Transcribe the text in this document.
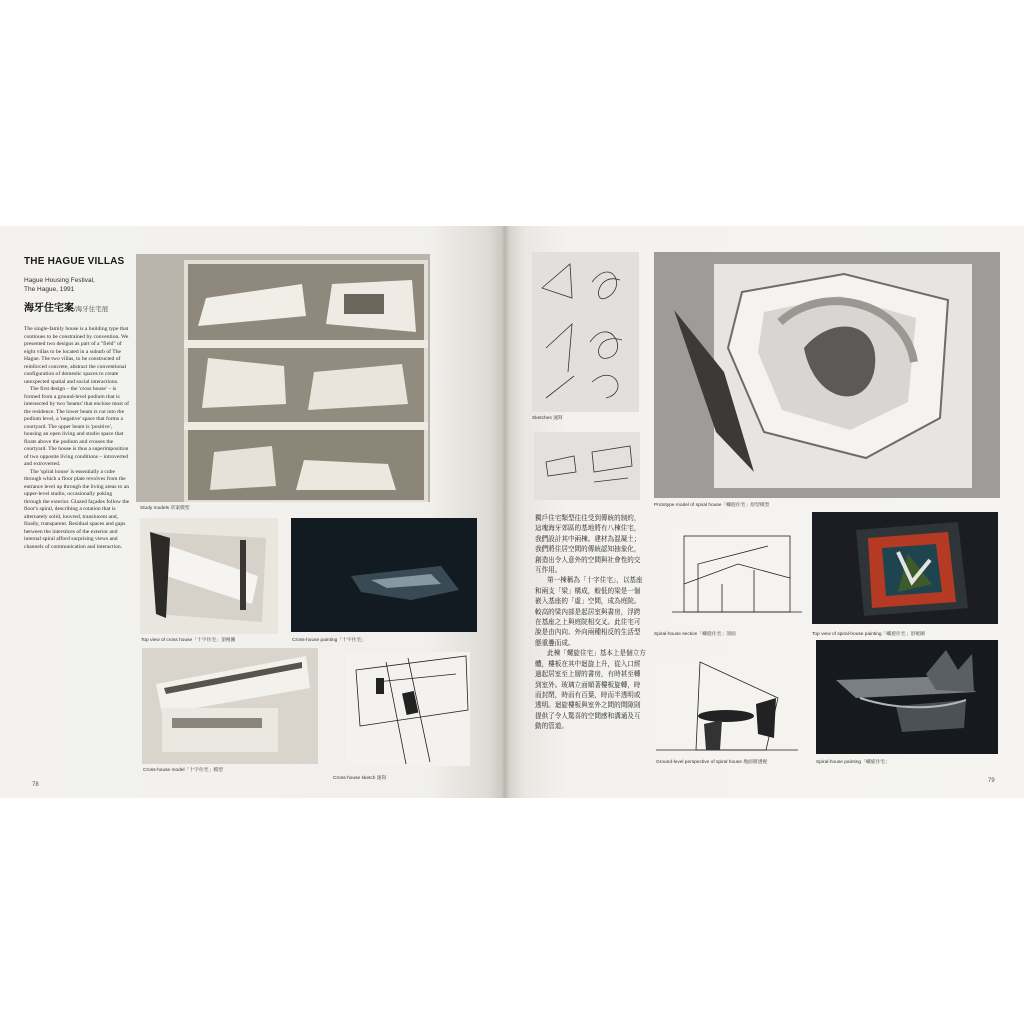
THE HAGUE VILLAS
Hague Housing Festival,
The Hague, 1991
海牙住宅案/海牙住宅展

The single-family house is a building type that continues to be constrained by convention. We presented two designs as part of a "field" of eight villas to be located in a suburb of The Hague. The two villas, to be constructed of reinforced concrete, abstract the conventional configuration of domestic spaces to create unexpected spatial and social interactions.

The first design – the 'cross house' – is formed from a ground-level podium that is intersected by two 'beams' that enclose most of the residence. The lower beam is cut into the podium level, a 'negative' space that forms a courtyard. The upper beam is 'positive', housing an open living and studio space that floats above the podium and crosses the courtyard. The house is thus a superimposition of two opposite living conditions – introverted and extroverted.

The 'spiral house' is essentially a cube through which a floor plate revolves from the entrance level up through the living areas to an upper-level studio, occasionally poking through the exterior. Glazed façades follow the floor's spiral, describing a rotation that is alternately solid, louvred, translucent and, finally, transparent. Residual spaces and gaps between the interstices of the exterior and internal spiral afford surprising views and channels of communication and interaction.

Study models 草案模型
Top view of cross house「十字住宅」頂視圖	Cross-house painting「十字住宅」
Cross-house model「十字住宅」模型
Cross-house sketch 速寫
78
Sketches 速寫
Prototype model of spiral house「螺旋住宅」原型模型
Spiral-house section「螺旋住宅」剖面	Top view of spiral-house painting「螺旋住宅」頂視圖
Ground-level perspective of spiral house 地面層透視	Spiral-house painting「螺旋住宅」
79

獨戶住宅類型往往受到傳統的制約，這塊海牙郊區的基地將有八棟住宅，我們設計其中兩棟。建材為混凝土；我們將住居空間的傳統認知抽象化，創造出令人意外的空間與社會性的交互作用。

第一棟稱為「十字住宅」，以基座和兩支「梁」構成，較低的梁是一個嵌入基座的「虛」空間，成為庭院。較高的梁內部是起居室與書房，浮跨在基座之上與庭院相交叉。此住宅可說是由內向、外向兩種相反的生活型態重疊而成。

此棟「螺旋住宅」基本上是個立方體，樓板在其中迴旋上升，從入口經過起居室至上層的書房，有時甚至轉到室外。玻璃立面順著樓板旋轉，時而封閉，時而有百葉，時而半透明或透明。迴旋樓板與室外之間的間隙則提供了令人驚喜的空間感和溝通及互動的管道。
